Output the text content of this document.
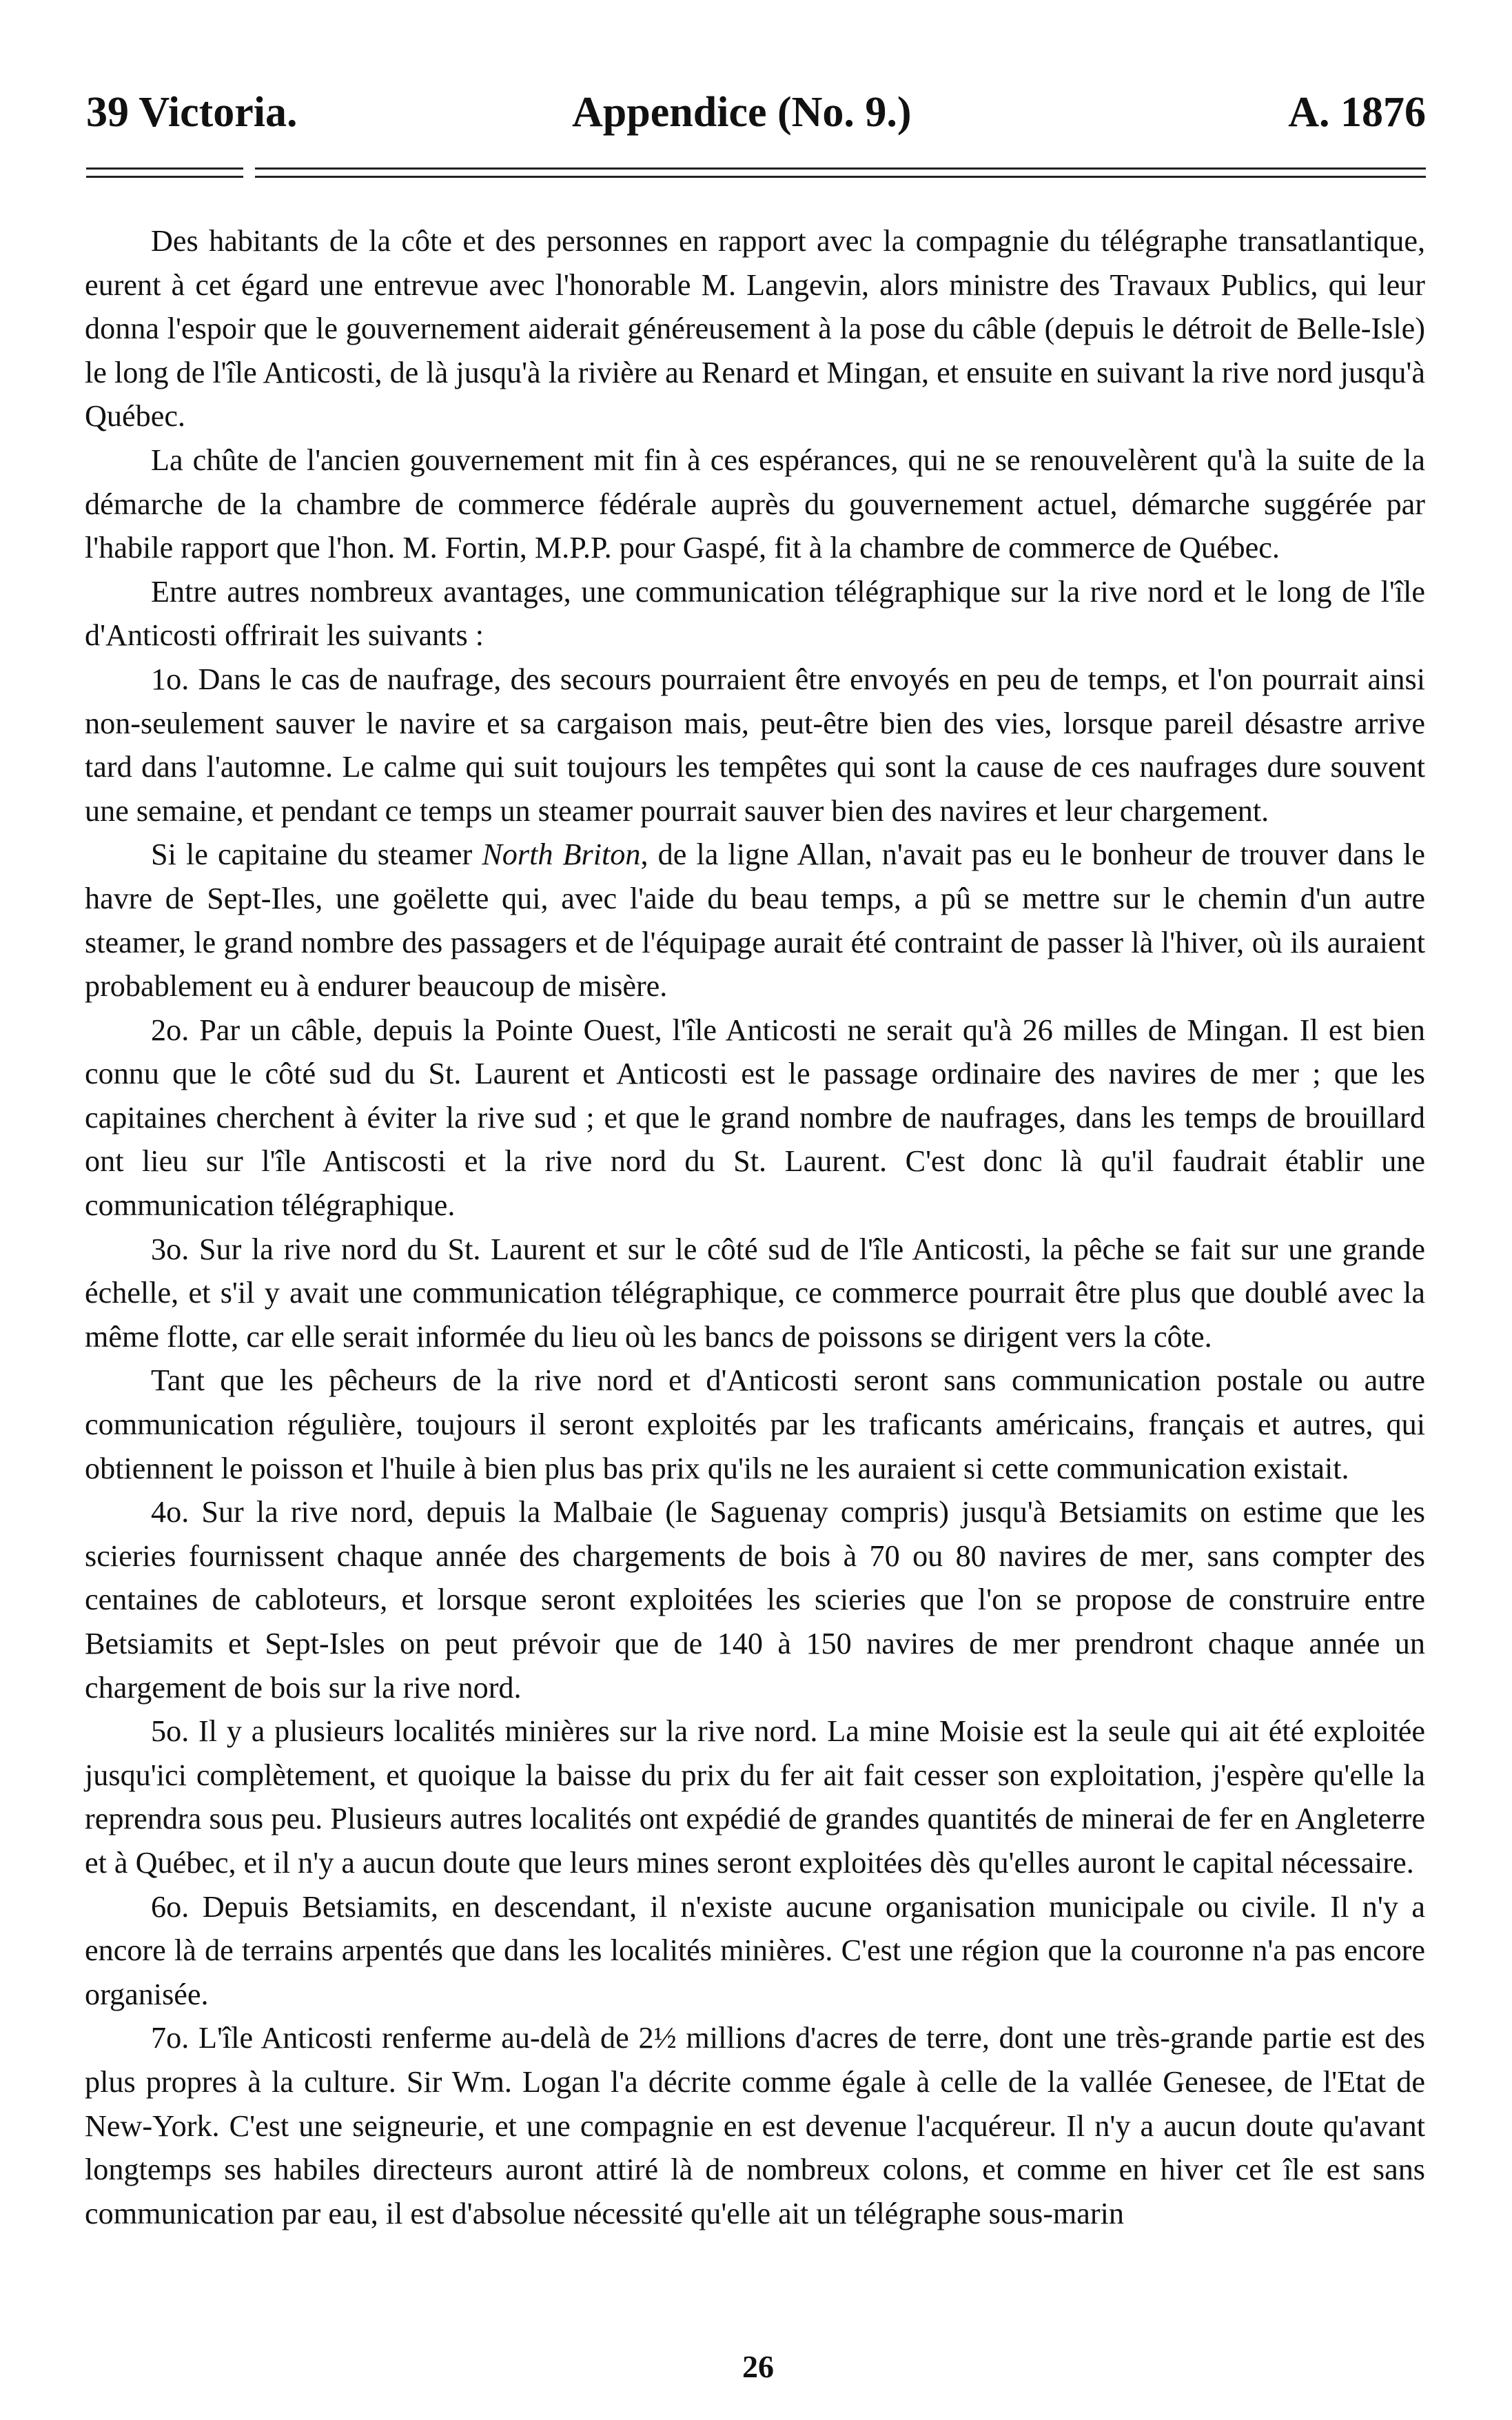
39 Victoria.	Appendice (No. 9.)	A. 1876

Des habitants de la côte et des personnes en rapport avec la compagnie du télégraphe transatlantique, eurent à cet égard une entrevue avec l'honorable M. Langevin, alors ministre des Travaux Publics, qui leur donna l'espoir que le gouvernement aiderait généreusement à la pose du câble (depuis le détroit de Belle-Isle) le long de l'île Anticosti, de là jusqu'à la rivière au Renard et Mingan, et ensuite en suivant la rive nord jusqu'à Québec.

La chûte de l'ancien gouvernement mit fin à ces espérances, qui ne se renouvelèrent qu'à la suite de la démarche de la chambre de commerce fédérale auprès du gouvernement actuel, démarche suggérée par l'habile rapport que l'hon. M. Fortin, M.P.P. pour Gaspé, fit à la chambre de commerce de Québec.

Entre autres nombreux avantages, une communication télégraphique sur la rive nord et le long de l'île d'Anticosti offrirait les suivants :

1o. Dans le cas de naufrage, des secours pourraient être envoyés en peu de temps, et l'on pourrait ainsi non-seulement sauver le navire et sa cargaison mais, peut-être bien des vies, lorsque pareil désastre arrive tard dans l'automne. Le calme qui suit toujours les tempêtes qui sont la cause de ces naufrages dure souvent une semaine, et pendant ce temps un steamer pourrait sauver bien des navires et leur chargement.

Si le capitaine du steamer North Briton, de la ligne Allan, n'avait pas eu le bonheur de trouver dans le havre de Sept-Iles, une goëlette qui, avec l'aide du beau temps, a pû se mettre sur le chemin d'un autre steamer, le grand nombre des passagers et de l'équipage aurait été contraint de passer là l'hiver, où ils auraient probablement eu à endurer beaucoup de misère.

2o. Par un câble, depuis la Pointe Ouest, l'île Anticosti ne serait qu'à 26 milles de Mingan. Il est bien connu que le côté sud du St. Laurent et Anticosti est le passage ordinaire des navires de mer ; que les capitaines cherchent à éviter la rive sud ; et que le grand nombre de naufrages, dans les temps de brouillard ont lieu sur l'île Antiscosti et la rive nord du St. Laurent. C'est donc là qu'il faudrait établir une communication télégraphique.

3o. Sur la rive nord du St. Laurent et sur le côté sud de l'île Anticosti, la pêche se fait sur une grande échelle, et s'il y avait une communication télégraphique, ce commerce pourrait être plus que doublé avec la même flotte, car elle serait informée du lieu où les bancs de poissons se dirigent vers la côte.

Tant que les pêcheurs de la rive nord et d'Anticosti seront sans communication postale ou autre communication régulière, toujours il seront exploités par les traficants américains, français et autres, qui obtiennent le poisson et l'huile à bien plus bas prix qu'ils ne les auraient si cette communication existait.

4o. Sur la rive nord, depuis la Malbaie (le Saguenay compris) jusqu'à Betsiamits on estime que les scieries fournissent chaque année des chargements de bois à 70 ou 80 navires de mer, sans compter des centaines de cabloteurs, et lorsque seront exploitées les scieries que l'on se propose de construire entre Betsiamits et Sept-Isles on peut prévoir que de 140 à 150 navires de mer prendront chaque année un chargement de bois sur la rive nord.

5o. Il y a plusieurs localités minières sur la rive nord. La mine Moisie est la seule qui ait été exploitée jusqu'ici complètement, et quoique la baisse du prix du fer ait fait cesser son exploitation, j'espère qu'elle la reprendra sous peu. Plusieurs autres localités ont expédié de grandes quantités de minerai de fer en Angleterre et à Québec, et il n'y a aucun doute que leurs mines seront exploitées dès qu'elles auront le capital nécessaire.

6o. Depuis Betsiamits, en descendant, il n'existe aucune organisation municipale ou civile. Il n'y a encore là de terrains arpentés que dans les localités minières. C'est une région que la couronne n'a pas encore organisée.

7o. L'île Anticosti renferme au-delà de 2½ millions d'acres de terre, dont une très-grande partie est des plus propres à la culture. Sir Wm. Logan l'a décrite comme égale à celle de la vallée Genesee, de l'Etat de New-York. C'est une seigneurie, et une compagnie en est devenue l'acquéreur. Il n'y a aucun doute qu'avant longtemps ses habiles directeurs auront attiré là de nombreux colons, et comme en hiver cet île est sans communication par eau, il est d'absolue nécessité qu'elle ait un télégraphe sous-marin

26
